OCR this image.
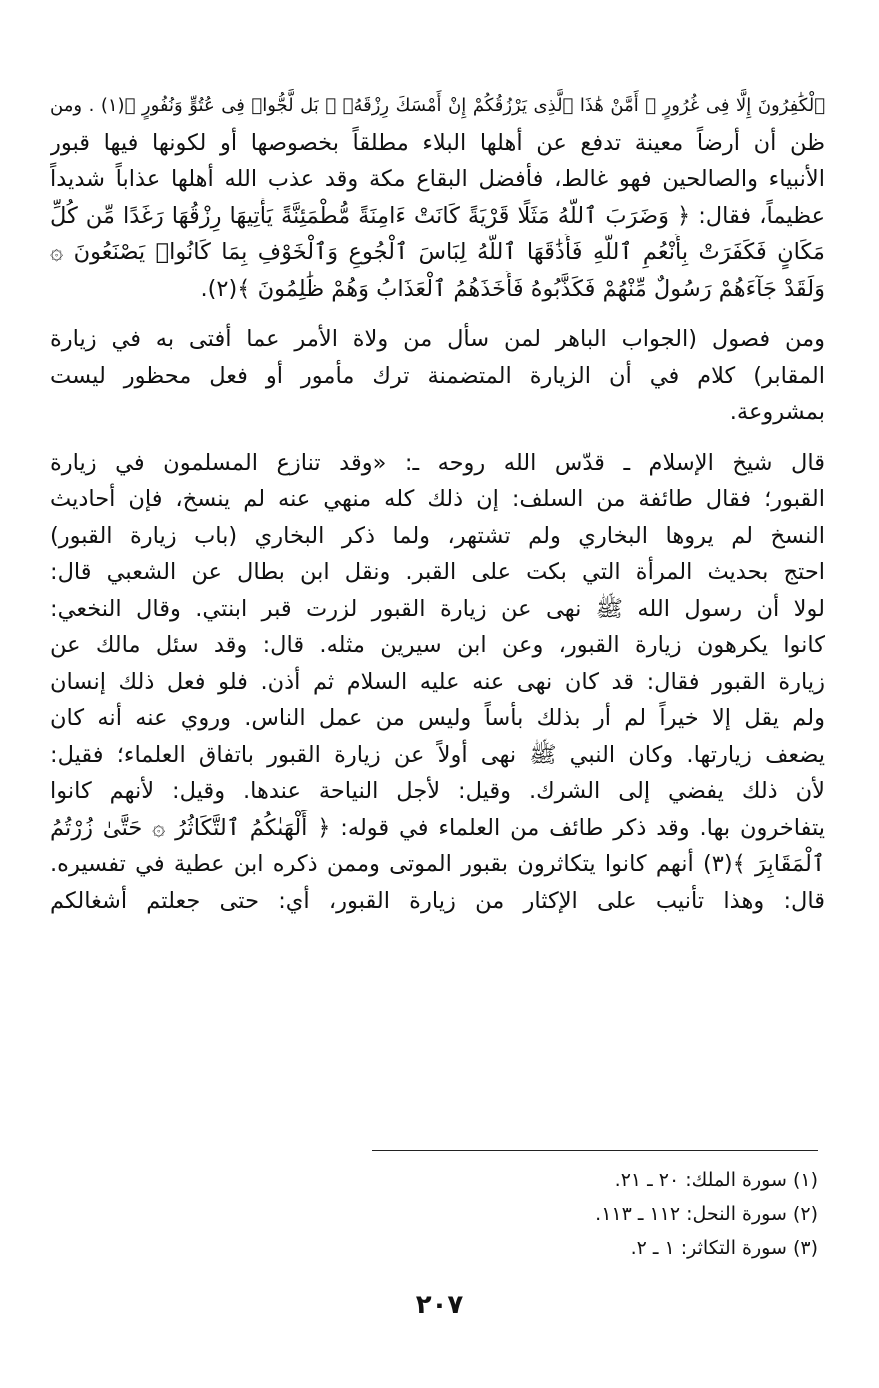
ٱلْكَٰفِرُونَ إِلَّا فِى غُرُورٍ ۞ أَمَّنْ هَٰذَا ٱلَّذِى يَرْزُقُكُمْ إِنْ أَمْسَكَ رِزْقَهُۥ ۚ بَل لَّجُّوا۟ فِى عُتُوٍّ وَنُفُورٍ ﴾(١) . ومن
ظن أن أرضاً معينة تدفع عن أهلها البلاء مطلقاً بخصوصها أو لكونها فيها قبور
الأنبياء والصالحين فهو غالط، فأفضل البقاع مكة وقد عذب الله أهلها عذاباً شديداً
عظيماً، فقال: ﴿ وَضَرَبَ ٱللَّهُ مَثَلًا قَرْيَةً كَانَتْ ءَامِنَةً مُّطْمَئِنَّةً يَأْتِيهَا رِزْقُهَا رَغَدًا مِّن كُلِّ
مَكَانٍ فَكَفَرَتْ بِأَنْعُمِ ٱللَّهِ فَأَذَٰقَهَا ٱللَّهُ لِبَاسَ ٱلْجُوعِ وَٱلْخَوْفِ بِمَا كَانُوا۟ يَصْنَعُونَ ۞
وَلَقَدْ جَآءَهُمْ رَسُولٌ مِّنْهُمْ فَكَذَّبُوهُ فَأَخَذَهُمُ ٱلْعَذَابُ وَهُمْ ظَٰلِمُونَ ﴾(٢).
ومن فصول (الجواب الباهر لمن سأل من ولاة الأمر عما أفتى به في زيارة
المقابر) كلام في أن الزيارة المتضمنة ترك مأمور أو فعل محظور ليست
بمشروعة.
قال شيخ الإسلام ـ قدّس الله روحه ـ: «وقد تنازع المسلمون في زيارة
القبور؛ فقال طائفة من السلف: إن ذلك كله منهي عنه لم ينسخ، فإن أحاديث
النسخ لم يروها البخاري ولم تشتهر، ولما ذكر البخاري (باب زيارة القبور)
احتج بحديث المرأة التي بكت على القبر. ونقل ابن بطال عن الشعبي قال:
لولا أن رسول الله ﷺ نهى عن زيارة القبور لزرت قبر ابنتي. وقال النخعي:
كانوا يكرهون زيارة القبور، وعن ابن سيرين مثله. قال: وقد سئل مالك عن
زيارة القبور فقال: قد كان نهى عنه عليه السلام ثم أذن. فلو فعل ذلك إنسان
ولم يقل إلا خيراً لم أر بذلك بأساً وليس من عمل الناس. وروي عنه أنه كان
يضعف زيارتها. وكان النبي ﷺ نهى أولاً عن زيارة القبور باتفاق العلماء؛ فقيل:
لأن ذلك يفضي إلى الشرك. وقيل: لأجل النياحة عندها. وقيل: لأنهم كانوا
يتفاخرون بها. وقد ذكر طائف من العلماء في قوله: ﴿ أَلْهَىٰكُمُ ٱلتَّكَاثُرُ ۞ حَتَّىٰ زُرْتُمُ
ٱلْمَقَابِرَ ﴾(٣) أنهم كانوا يتكاثرون بقبور الموتى وممن ذكره ابن عطية في تفسيره.
قال: وهذا تأنيب على الإكثار من زيارة القبور، أي: حتى جعلتم أشغالكم
(١) سورة الملك: ٢٠ ـ ٢١.
(٢) سورة النحل: ١١٢ ـ ١١٣.
(٣) سورة التكاثر: ١ ـ ٢.
٢٠٧
